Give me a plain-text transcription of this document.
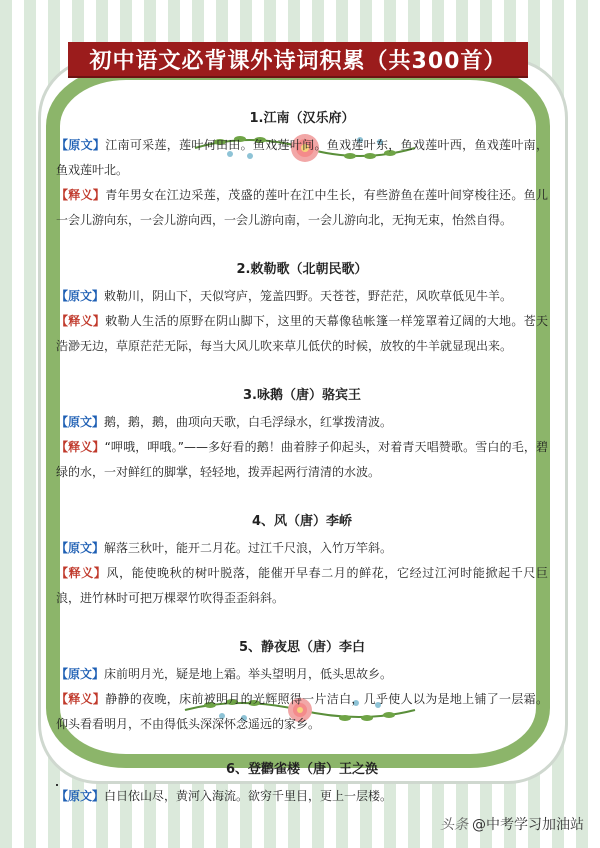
初中语文必背课外诗词积累（共300首）
1.江南（汉乐府）

【原文】江南可采莲，莲叶何田田。鱼戏莲叶间。鱼戏莲叶东，鱼戏莲叶西，鱼戏莲叶南，鱼戏莲叶北。

【释义】青年男女在江边采莲，茂盛的莲叶在江中生长，有些游鱼在莲叶间穿梭往还。鱼儿一会儿游向东，一会儿游向西，一会儿游向南，一会儿游向北，无拘无束，怡然自得。

2.敕勒歌（北朝民歌）

【原文】敕勒川，阴山下，天似穹庐，笼盖四野。天苍苍，野茫茫，风吹草低见牛羊。

【释义】敕勒人生活的原野在阴山脚下，这里的天幕像毡帐篷一样笼罩着辽阔的大地。苍天浩渺无边，草原茫茫无际，每当大风儿吹来草儿低伏的时候，放牧的牛羊就显现出来。

3.咏鹅（唐）骆宾王

【原文】鹅，鹅，鹅，曲项向天歌，白毛浮绿水，红掌拨清波。

【释义】“呷哦，呷哦。”——多好看的鹅！曲着脖子仰起头，对着青天唱赞歌。雪白的毛，碧绿的水，一对鲜红的脚掌，轻轻地，拨弄起两行清清的水波。

4、风（唐）李峤

【原文】解落三秋叶，能开二月花。过江千尺浪，入竹万竿斜。

【释义】风，能使晚秋的树叶脱落，能催开早春二月的鲜花，它经过江河时能掀起千尺巨浪，进竹林时可把万棵翠竹吹得歪歪斜斜。

5、静夜思（唐）李白

【原文】床前明月光，疑是地上霜。举头望明月，低头思故乡。

【释义】静静的夜晚，床前被明月的光辉照得一片洁白，几乎使人以为是地上铺了一层霜。仰头看看明月，不由得低头深深怀念遥远的家乡。

6、登鹳雀楼（唐）王之涣

【原文】白日依山尽，黄河入海流。欲穷千里目，更上一层楼。

头条 @中考学习加油站
